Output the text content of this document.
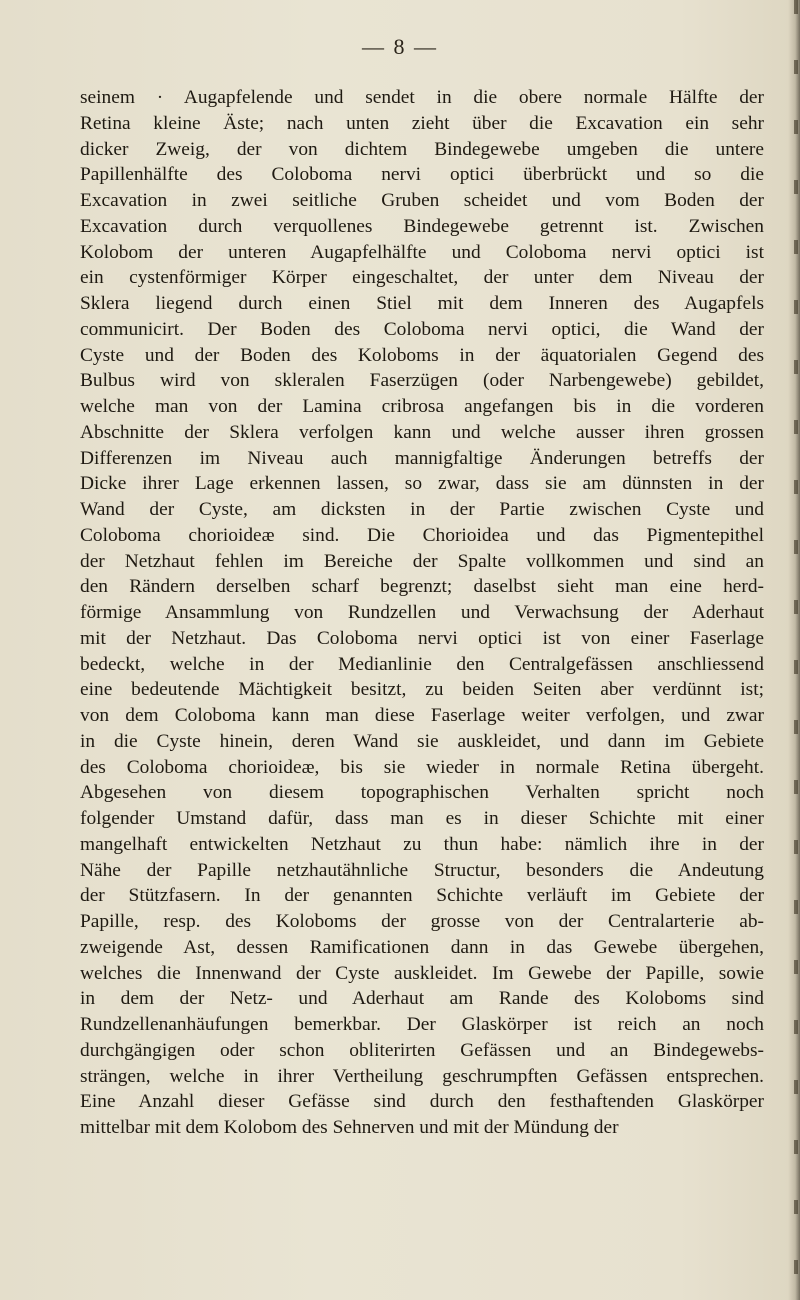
— 8 —
seinem · Augapfelende und sendet in die obere normale Hälfte der
Retina kleine Äste; nach unten zieht über die Excavation ein sehr
dicker Zweig, der von dichtem Bindegewebe umgeben die untere
Papillenhälfte des Coloboma nervi optici überbrückt und so die
Excavation in zwei seitliche Gruben scheidet und vom Boden der
Excavation durch verquollenes Bindegewebe getrennt ist. Zwischen
Kolobom der unteren Augapfelhälfte und Coloboma nervi optici ist
ein cystenförmiger Körper eingeschaltet, der unter dem Niveau der
Sklera liegend durch einen Stiel mit dem Inneren des Augapfels
communicirt. Der Boden des Coloboma nervi optici, die Wand der
Cyste und der Boden des Koloboms in der äquatorialen Gegend des
Bulbus wird von skleralen Faserzügen (oder Narbengewebe) gebildet,
welche man von der Lamina cribrosa angefangen bis in die vorderen
Abschnitte der Sklera verfolgen kann und welche ausser ihren grossen
Differenzen im Niveau auch mannigfaltige Änderungen betreffs der
Dicke ihrer Lage erkennen lassen, so zwar, dass sie am dünnsten in der
Wand der Cyste, am dicksten in der Partie zwischen Cyste und
Coloboma chorioideæ sind. Die Chorioidea und das Pigmentepithel
der Netzhaut fehlen im Bereiche der Spalte vollkommen und sind an
den Rändern derselben scharf begrenzt; daselbst sieht man eine herd-
förmige Ansammlung von Rundzellen und Verwachsung der Aderhaut
mit der Netzhaut. Das Coloboma nervi optici ist von einer Faserlage
bedeckt, welche in der Medianlinie den Centralgefässen anschliessend
eine bedeutende Mächtigkeit besitzt, zu beiden Seiten aber verdünnt ist;
von dem Coloboma kann man diese Faserlage weiter verfolgen, und zwar
in die Cyste hinein, deren Wand sie auskleidet, und dann im Gebiete
des Coloboma chorioideæ, bis sie wieder in normale Retina übergeht.
Abgesehen von diesem topographischen Verhalten spricht noch
folgender Umstand dafür, dass man es in dieser Schichte mit einer
mangelhaft entwickelten Netzhaut zu thun habe: nämlich ihre in der
Nähe der Papille netzhautähnliche Structur, besonders die Andeutung
der Stützfasern. In der genannten Schichte verläuft im Gebiete der
Papille, resp. des Koloboms der grosse von der Centralarterie ab-
zweigende Ast, dessen Ramificationen dann in das Gewebe übergehen,
welches die Innenwand der Cyste auskleidet. Im Gewebe der Papille, sowie
in dem der Netz- und Aderhaut am Rande des Koloboms sind
Rundzellenanhäufungen bemerkbar. Der Glaskörper ist reich an noch
durchgängigen oder schon obliterirten Gefässen und an Bindegewebs-
strängen, welche in ihrer Vertheilung geschrumpften Gefässen entsprechen.
Eine Anzahl dieser Gefässe sind durch den festhaftenden Glaskörper
mittelbar mit dem Kolobom des Sehnerven und mit der Mündung der
